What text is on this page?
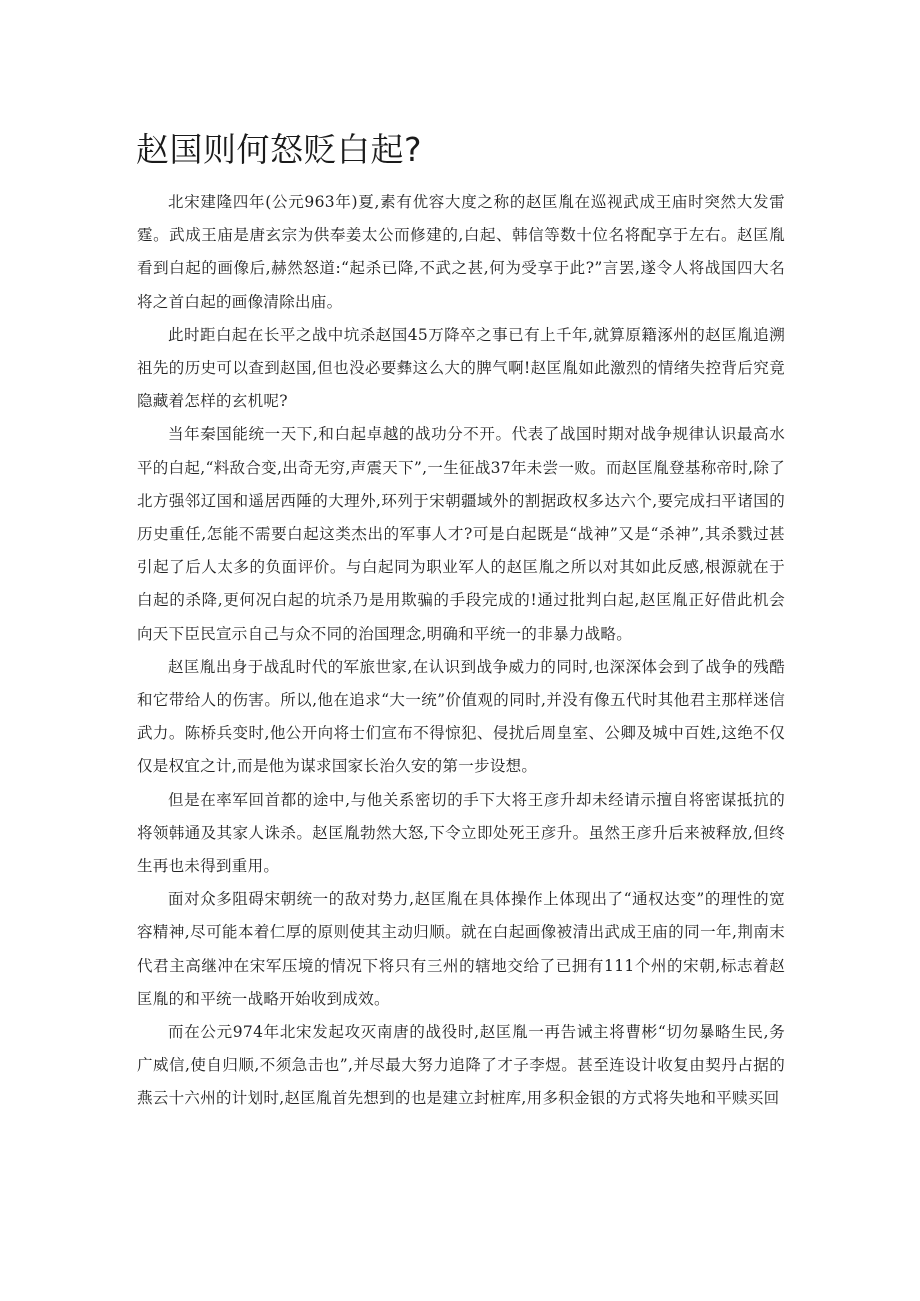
赵国则何怒贬白起?

北宋建隆四年(公元963年)夏,素有优容大度之称的赵匡胤在巡视武成王庙时突然大发雷霆。武成王庙是唐玄宗为供奉姜太公而修建的,白起、韩信等数十位名将配享于左右。赵匡胤看到白起的画像后,赫然怒道:“起杀已降,不武之甚,何为受享于此?”言罢,遂令人将战国四大名将之首白起的画像清除出庙。

此时距白起在长平之战中坑杀赵国45万降卒之事已有上千年,就算原籍涿州的赵匡胤追溯祖先的历史可以查到赵国,但也没必要彝这么大的脾气啊!赵匡胤如此激烈的情绪失控背后究竟隐藏着怎样的玄机呢?

当年秦国能统一天下,和白起卓越的战功分不开。代表了战国时期对战争规律认识最高水平的白起,“料敌合变,出奇无穷,声震天下”,一生征战37年未尝一败。而赵匡胤登基称帝时,除了北方强邻辽国和遥居西陲的大理外,环列于宋朝疆域外的割据政权多达六个,要完成扫平诸国的历史重任,怎能不需要白起这类杰出的军事人才?可是白起既是“战神”又是“杀神”,其杀戮过甚引起了后人太多的负面评价。与白起同为职业军人的赵匡胤之所以对其如此反感,根源就在于白起的杀降,更何况白起的坑杀乃是用欺骗的手段完成的!通过批判白起,赵匡胤正好借此机会向天下臣民宣示自己与众不同的治国理念,明确和平统一的非暴力战略。

赵匡胤出身于战乱时代的军旅世家,在认识到战争威力的同时,也深深体会到了战争的残酷和它带给人的伤害。所以,他在追求“大一统”价值观的同时,并没有像五代时其他君主那样迷信武力。陈桥兵变时,他公开向将士们宣布不得惊犯、侵扰后周皇室、公卿及城中百姓,这绝不仅仅是权宜之计,而是他为谋求国家长治久安的第一步设想。

但是在率军回首都的途中,与他关系密切的手下大将王彦升却未经请示擅自将密谋抵抗的将领韩通及其家人诛杀。赵匡胤勃然大怒,下令立即处死王彦升。虽然王彦升后来被释放,但终生再也未得到重用。

面对众多阻碍宋朝统一的敌对势力,赵匡胤在具体操作上体现出了“通权达变”的理性的宽容精神,尽可能本着仁厚的原则使其主动归顺。就在白起画像被清出武成王庙的同一年,荆南末代君主高继冲在宋军压境的情况下将只有三州的辖地交给了已拥有111个州的宋朝,标志着赵匡胤的和平统一战略开始收到成效。

而在公元974年北宋发起攻灭南唐的战役时,赵匡胤一再告诫主将曹彬“切勿暴略生民,务广威信,使自归顺,不须急击也”,并尽最大努力追降了才子李煜。甚至连设计收复由契丹占据的燕云十六州的计划时,赵匡胤首先想到的也是建立封桩库,用多积金银的方式将失地和平赎买回
